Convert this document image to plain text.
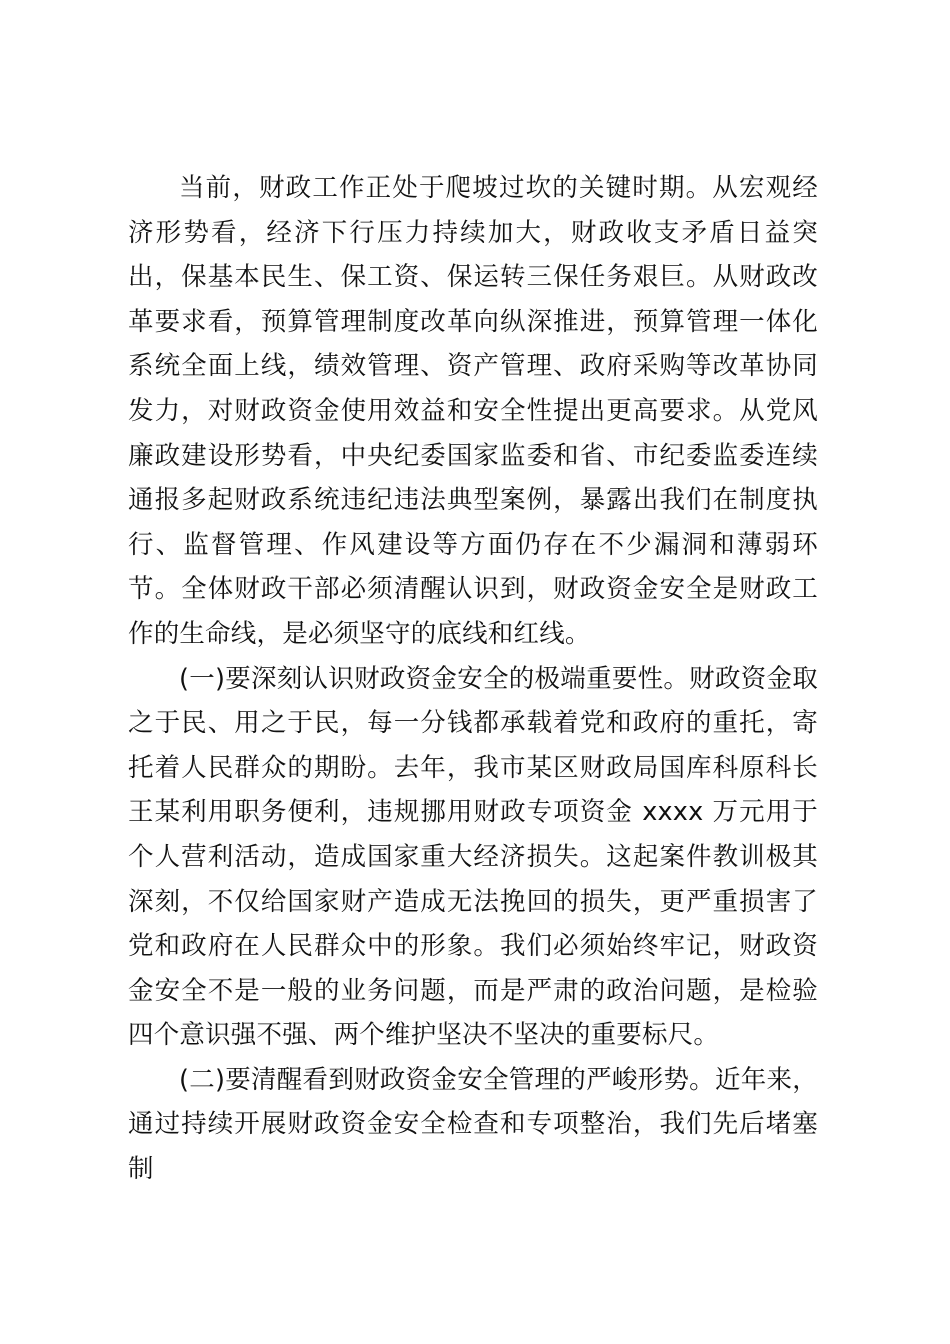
当前，财政工作正处于爬坡过坎的关键时期。从宏观经济形势看，经济下行压力持续加大，财政收支矛盾日益突出，保基本民生、保工资、保运转三保任务艰巨。从财政改革要求看，预算管理制度改革向纵深推进，预算管理一体化系统全面上线，绩效管理、资产管理、政府采购等改革协同发力，对财政资金使用效益和安全性提出更高要求。从党风廉政建设形势看，中央纪委国家监委和省、市纪委监委连续通报多起财政系统违纪违法典型案例，暴露出我们在制度执行、监督管理、作风建设等方面仍存在不少漏洞和薄弱环节。全体财政干部必须清醒认识到，财政资金安全是财政工作的生命线，是必须坚守的底线和红线。

(一)要深刻认识财政资金安全的极端重要性。财政资金取之于民、用之于民，每一分钱都承载着党和政府的重托，寄托着人民群众的期盼。去年，我市某区财政局国库科原科长王某利用职务便利，违规挪用财政专项资金 xxxx 万元用于个人营利活动，造成国家重大经济损失。这起案件教训极其深刻，不仅给国家财产造成无法挽回的损失，更严重损害了党和政府在人民群众中的形象。我们必须始终牢记，财政资金安全不是一般的业务问题，而是严肃的政治问题，是检验四个意识强不强、两个维护坚决不坚决的重要标尺。

(二)要清醒看到财政资金安全管理的严峻形势。近年来，通过持续开展财政资金安全检查和专项整治，我们先后堵塞制
